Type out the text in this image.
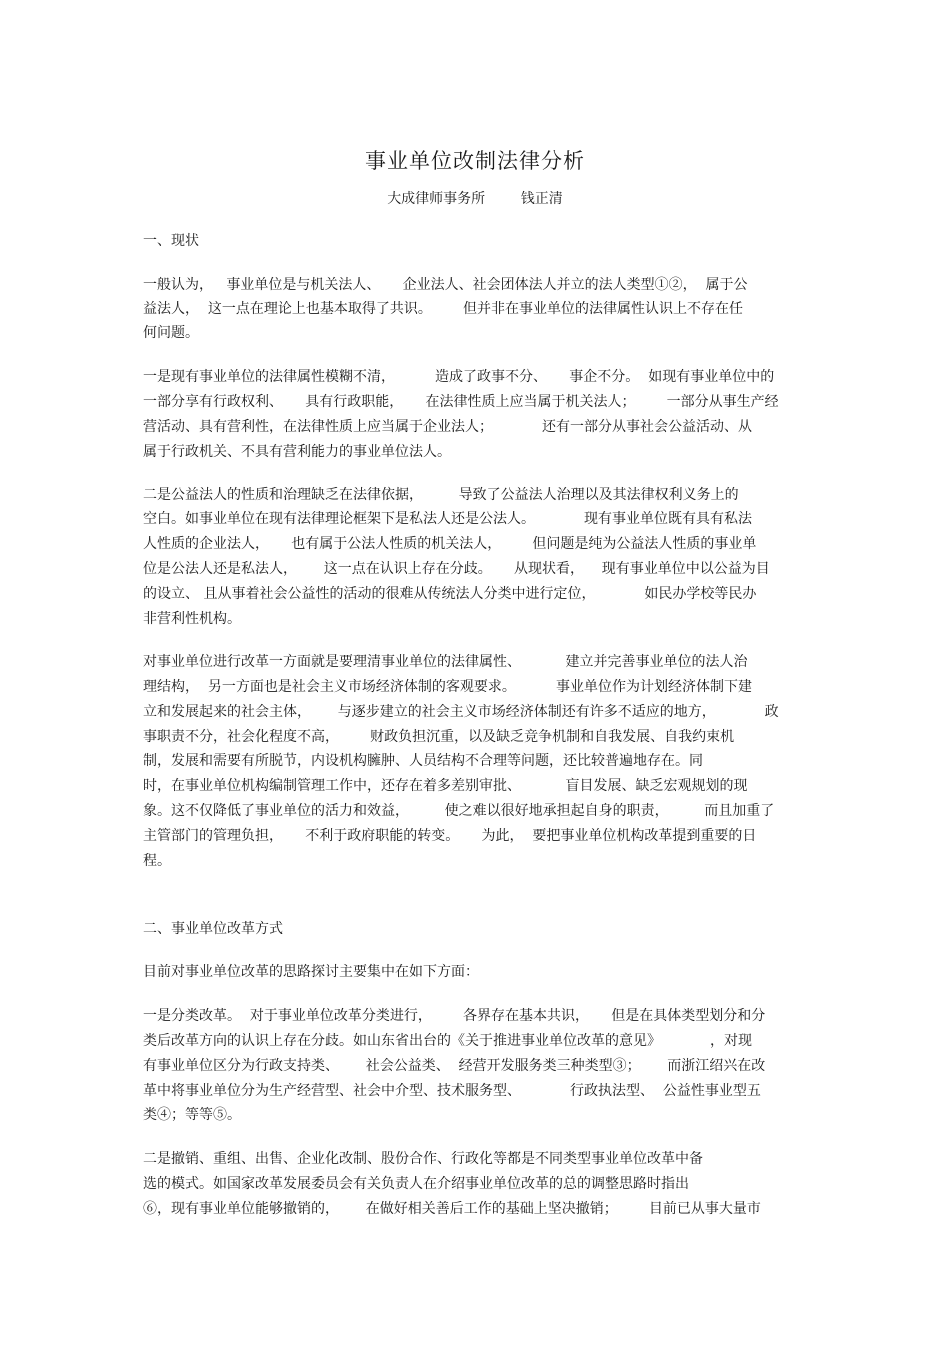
事业单位改制法律分析
大成律师事务所        钱正清
一、现状
一般认为，   事业单位是与机关法人、     企业法人、社会团体法人并立的法人类型①②，  属于公
益法人，  这一点在理论上也基本取得了共识。       但并非在事业单位的法律属性认识上不存在任
何问题。
一是现有事业单位的法律属性模糊不清，         造成了政事不分、     事企不分。  如现有事业单位中的
一部分享有行政权利、     具有行政职能，     在法律性质上应当属于机关法人；       一部分从事生产经
营活动、具有营利性，在法律性质上应当属于企业法人；           还有一部分从事社会公益活动、从
属于行政机关、不具有营利能力的事业单位法人。
二是公益法人的性质和治理缺乏在法律依据，        导致了公益法人治理以及其法律权利义务上的
空白。如事业单位在现有法律理论框架下是私法人还是公法人。           现有事业单位既有具有私法
人性质的企业法人，     也有属于公法人性质的机关法人，       但问题是纯为公益法人性质的事业单
位是公法人还是私法人，      这一点在认识上存在分歧。     从现状看，    现有事业单位中以公益为目
的设立、 且从事着社会公益性的活动的很难从传统法人分类中进行定位，           如民办学校等民办
非营利性机构。
对事业单位进行改革一方面就是要理清事业单位的法律属性、          建立并完善事业单位的法人治
理结构，  另一方面也是社会主义市场经济体制的客观要求。         事业单位作为计划经济体制下建
立和发展起来的社会主体，      与逐步建立的社会主义市场经济体制还有许多不适应的地方，           政
事职责不分，社会化程度不高，       财政负担沉重，以及缺乏竞争机制和自我发展、自我约束机
制，发展和需要有所脱节，内设机构臃肿、人员结构不合理等问题，还比较普遍地存在。同
时，在事业单位机构编制管理工作中，还存在着多差别审批、          盲目发展、缺乏宏观规划的现
象。这不仅降低了事业单位的活力和效益，        使之难以很好地承担起自身的职责，        而且加重了
主管部门的管理负担，     不利于政府职能的转变。     为此，  要把事业单位机构改革提到重要的日
程。
二、事业单位改革方式
目前对事业单位改革的思路探讨主要集中在如下方面：
一是分类改革。  对于事业单位改革分类进行，       各界存在基本共识，     但是在具体类型划分和分
类后改革方向的认识上存在分歧。如山东省出台的《关于推进事业单位改革的意见》           ，对现
有事业单位区分为行政支持类、      社会公益类、  经营开发服务类三种类型③；      而浙江绍兴在改
革中将事业单位分为生产经营型、社会中介型、技术服务型、           行政执法型、  公益性事业型五
类④；等等⑤。
二是撤销、重组、出售、企业化改制、股份合作、行政化等都是不同类型事业单位改革中备
选的模式。如国家改革发展委员会有关负责人在介绍事业单位改革的总的调整思路时指出
⑥，现有事业单位能够撤销的，      在做好相关善后工作的基础上坚决撤销；       目前已从事大量市
